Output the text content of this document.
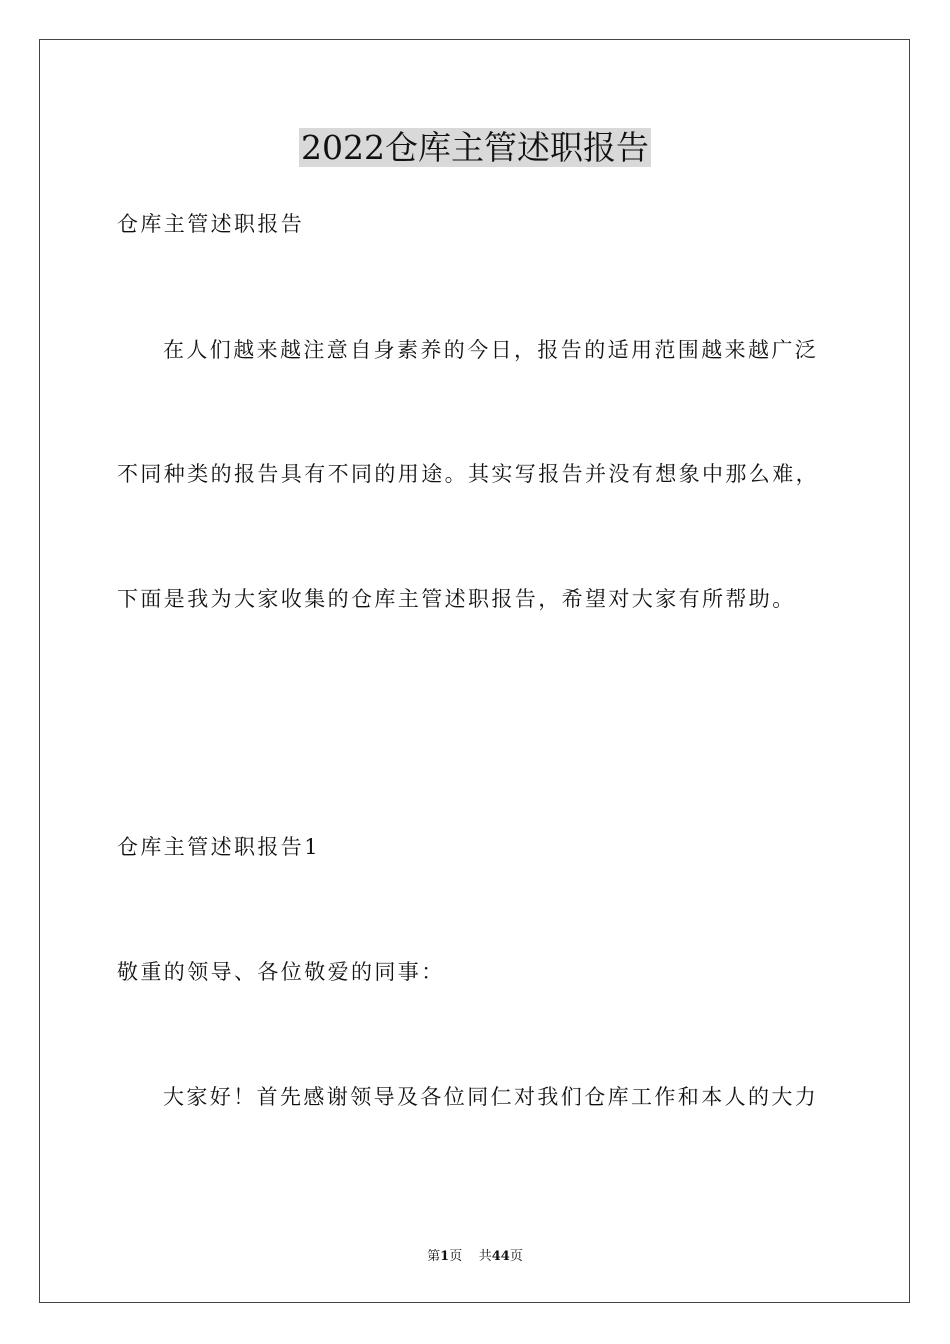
2022仓库主管述职报告
仓库主管述职报告
在人们越来越注意自身素养的今日，报告的适用范围越来越广泛
不同种类的报告具有不同的用途。其实写报告并没有想象中那么难，
下面是我为大家收集的仓库主管述职报告，希望对大家有所帮助。
仓库主管述职报告1
敬重的领导、各位敬爱的同事：
大家好！首先感谢领导及各位同仁对我们仓库工作和本人的大力
第1页 共44页
